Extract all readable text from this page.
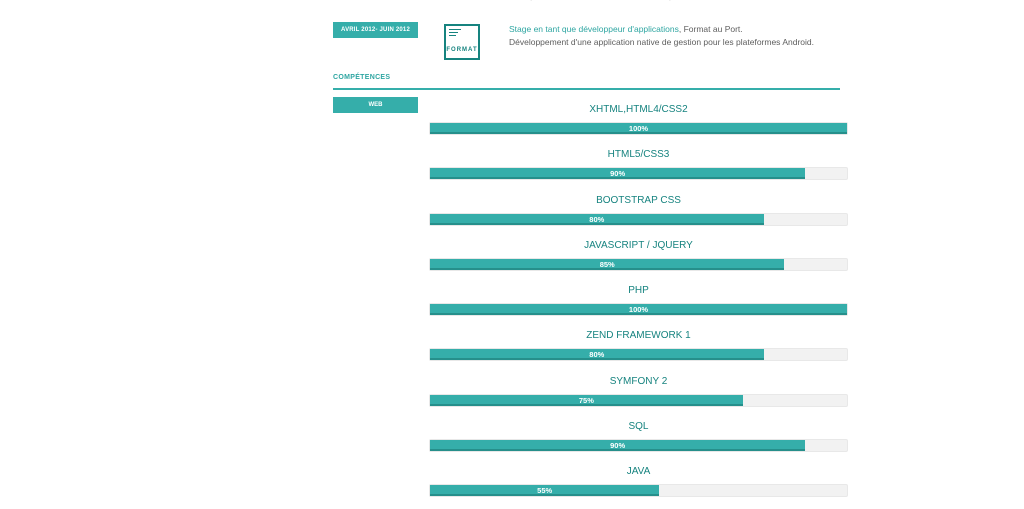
AVRIL 2012- JUIN 2012
FORMAT
Stage en tant que développeur d'applications, Format au Port.
Développement d'une application native de gestion pour les plateformes Android.
COMPÉTENCES
WEB	XHTML,HTML4/CSS2
100%
HTML5/CSS3
90%
BOOTSTRAP CSS
80%
JAVASCRIPT / JQUERY
85%
PHP
100%
ZEND FRAMEWORK 1
80%
SYMFONY 2
75%
SQL
90%
JAVA
55%
